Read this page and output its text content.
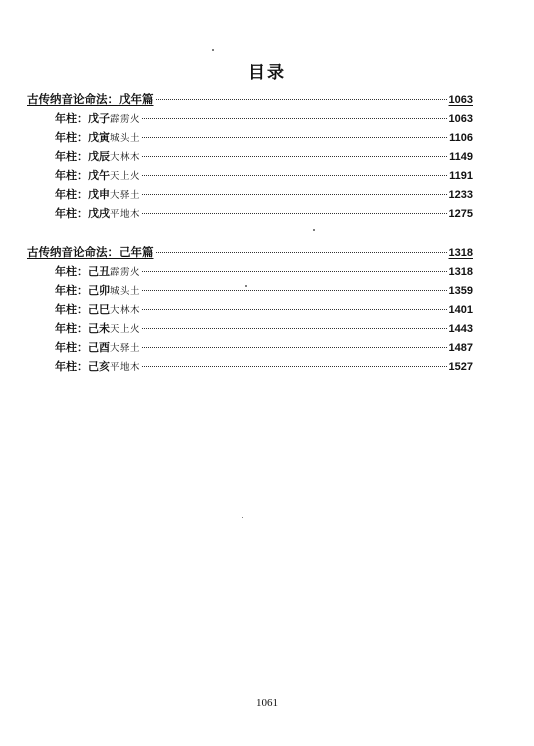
目录
古传纳音论命法：戊年篇	1063
年柱： 戊子 霹雳火	1063
年柱： 戊寅 城头土	1106
年柱： 戊辰 大林木	1149
年柱： 戊午 天上火	1191
年柱： 戊申 大驿土	1233
年柱： 戊戌 平地木	1275
古传纳音论命法：己年篇	1318
年柱： 己丑 霹雳火	1318
年柱： 己卯 城头土	1359
年柱： 己巳 大林木	1401
年柱： 己未 天上火	1443
年柱： 己酉 大驿土	1487
年柱： 己亥 平地木	1527
1061
